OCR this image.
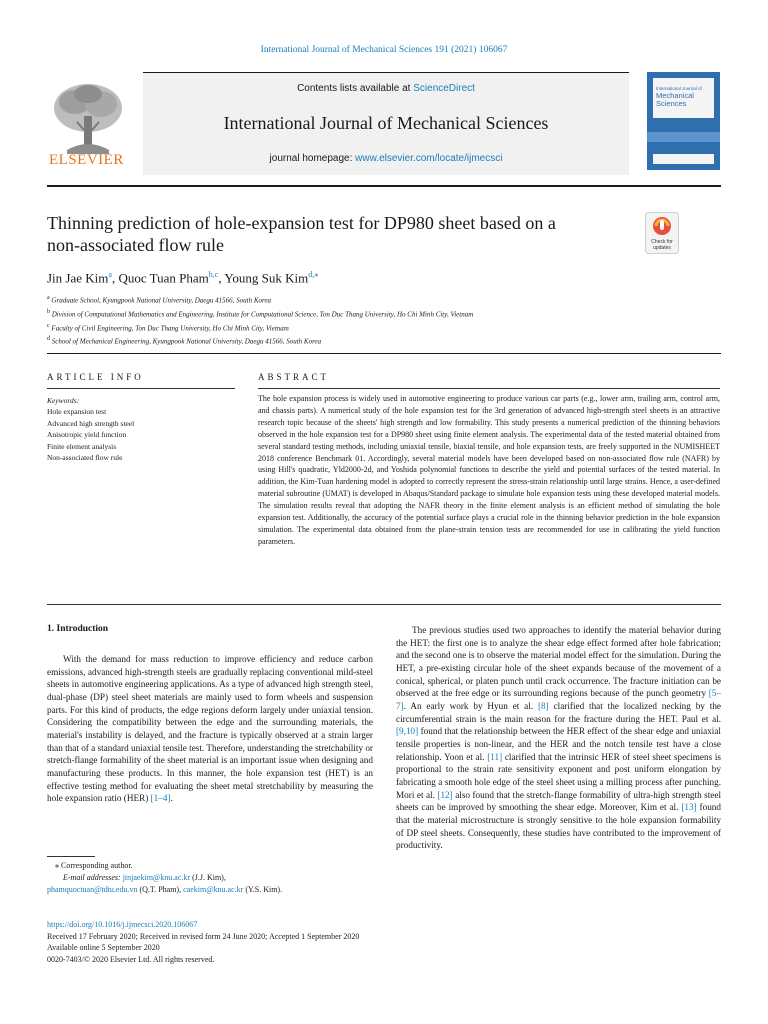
International Journal of Mechanical Sciences 191 (2021) 106067
ELSEVIER
Contents lists available at ScienceDirect
International Journal of Mechanical Sciences
journal homepage: www.elsevier.com/locate/ijmecsci
International Journal of
Mechanical
Sciences
Thinning prediction of hole-expansion test for DP980 sheet based on a
non-associated flow rule	Check for
updates
Jin Jae Kim$^a$, Quoc Tuan Pham$^{b,c}$, Young Suk Kim$^{d,⁎}$
$^a$ Graduate School, Kyungpook National University, Daegu 41566, South Korea
$^b$ Division of Computational Mathematics and Engineering, Institute for Computational Science, Ton Duc Thang University, Ho Chi Minh City, Vietnam
$^c$ Faculty of Civil Engineering, Ton Duc Thang University, Ho Chi Minh City, Vietnam
$^d$ School of Mechanical Engineering, Kyungpook National University, Daegu 41566, South Korea
ARTICLE INFO
Keywords:
Hole expansion test
Advanced high strength steel
Anisotropic yield function
Finite element analysis
Non-associated flow rule
ABSTRACT
The hole expansion process is widely used in automotive engineering to produce various car parts (e.g., lower arm, trailing arm, control arm, and chassis parts). A numerical study of the hole expansion test for the 3rd generation of advanced high-strength steel sheets is an attractive research topic because of the sheets' high strength and low formability. This study presents a numerical prediction of the thinning behaviors observed in the hole expansion test for a DP980 sheet using finite element analysis. The experimental data of the tested material obtained from several standard testing methods, including uniaxial tensile, biaxial tensile, and hole expansion tests, are freely supported in the NUMISHEET 2018 conference Benchmark 01. Accordingly, several material models have been developed based on non-associated flow rule (NAFR) by using Hill's quadratic, Yld2000-2d, and Yoshida polynomial functions to describe the yield and potential surfaces of the tested material. In addition, the Kim-Tuan hardening model is adopted to correctly represent the stress-strain relationship until large strains. Hence, a user-defined material subroutine (UMAT) is developed in Abaqus/Standard package to simulate hole expansion tests using these developed material models. The simulation results reveal that adopting the NAFR theory in the finite element analysis is an efficient method of simulating the hole expansion test. Additionally, the accuracy of the potential surface plays a crucial role in the thinning behavior prediction in the hole expansion simulation. The experimental data obtained from the plane-strain tension tests are recommended for use in calibrating the yield function parameters.
1. Introduction
With the demand for mass reduction to improve efficiency and reduce carbon emissions, advanced high-strength steels are gradually replacing conventional mild-steel sheets in automotive engineering applications. As a type of advanced high strength steel, dual-phase (DP) steel sheet materials are mainly used to form wheels and suspension parts. For this kind of products, the edge regions deform largely under uniaxial tension. Considering the compatibility between the edge and the surrounding materials, the material's instability is delayed, and the fracture is typically observed at a strain larger than that of a standard uniaxial tensile test. Therefore, understanding the stretchability or stretch-flange formability of the sheet material is an important issue when designing and manufacturing these products. In this manner, the hole expansion test (HET) is an effective testing method for evaluating the sheet metal stretchability by measuring the hole expansion ratio (HER) [1–4].
The previous studies used two approaches to identify the material behavior during the HET: the first one is to analyze the shear edge effect formed after hole fabrication; and the second one is to observe the material model effect for the simulation. During the HET, a pre-existing circular hole of the sheet expands because of the movement of a conical, spherical, or platen punch until crack occurrence. The fracture initiation can be observed at the free edge or its surrounding regions because of the punch geometry [5–7]. An early work by Hyun et al. [8] clarified that the localized necking by the circumferential strain is the main reason for the fracture during the HET. Paul et al. [9,10] found that the relationship between the HER effect of the shear edge and uniaxial tensile properties is non-linear, and the HER and the notch tensile test have a close relationship. Yoon et al. [11] clarified that the intrinsic HER of steel sheet specimens is proportional to the strain rate sensitivity exponent and post uniform elongation by fabricating a smooth hole edge of the steel sheet using a milling process after punching. Mori et al. [12] also found that the stretch-flange formability of ultra-high strength steel sheets can be improved by smoothing the shear edge. Moreover, Kim et al. [13] found that the material microstructure is strongly sensitive to the hole expansion formability of DP steel sheets. Consequently, these studies have contributed to the improvement of productivity.
⁎ Corresponding author.
E-mail addresses: jinjaekim@knu.ac.kr (J.J. Kim),
phamquoctuan@tdtu.edu.vn (Q.T. Pham), caekim@knu.ac.kr (Y.S. Kim).
https://doi.org/10.1016/j.ijmecsci.2020.106067
Received 17 February 2020; Received in revised form 24 June 2020; Accepted 1 September 2020
Available online 5 September 2020
0020-7403/© 2020 Elsevier Ltd. All rights reserved.
